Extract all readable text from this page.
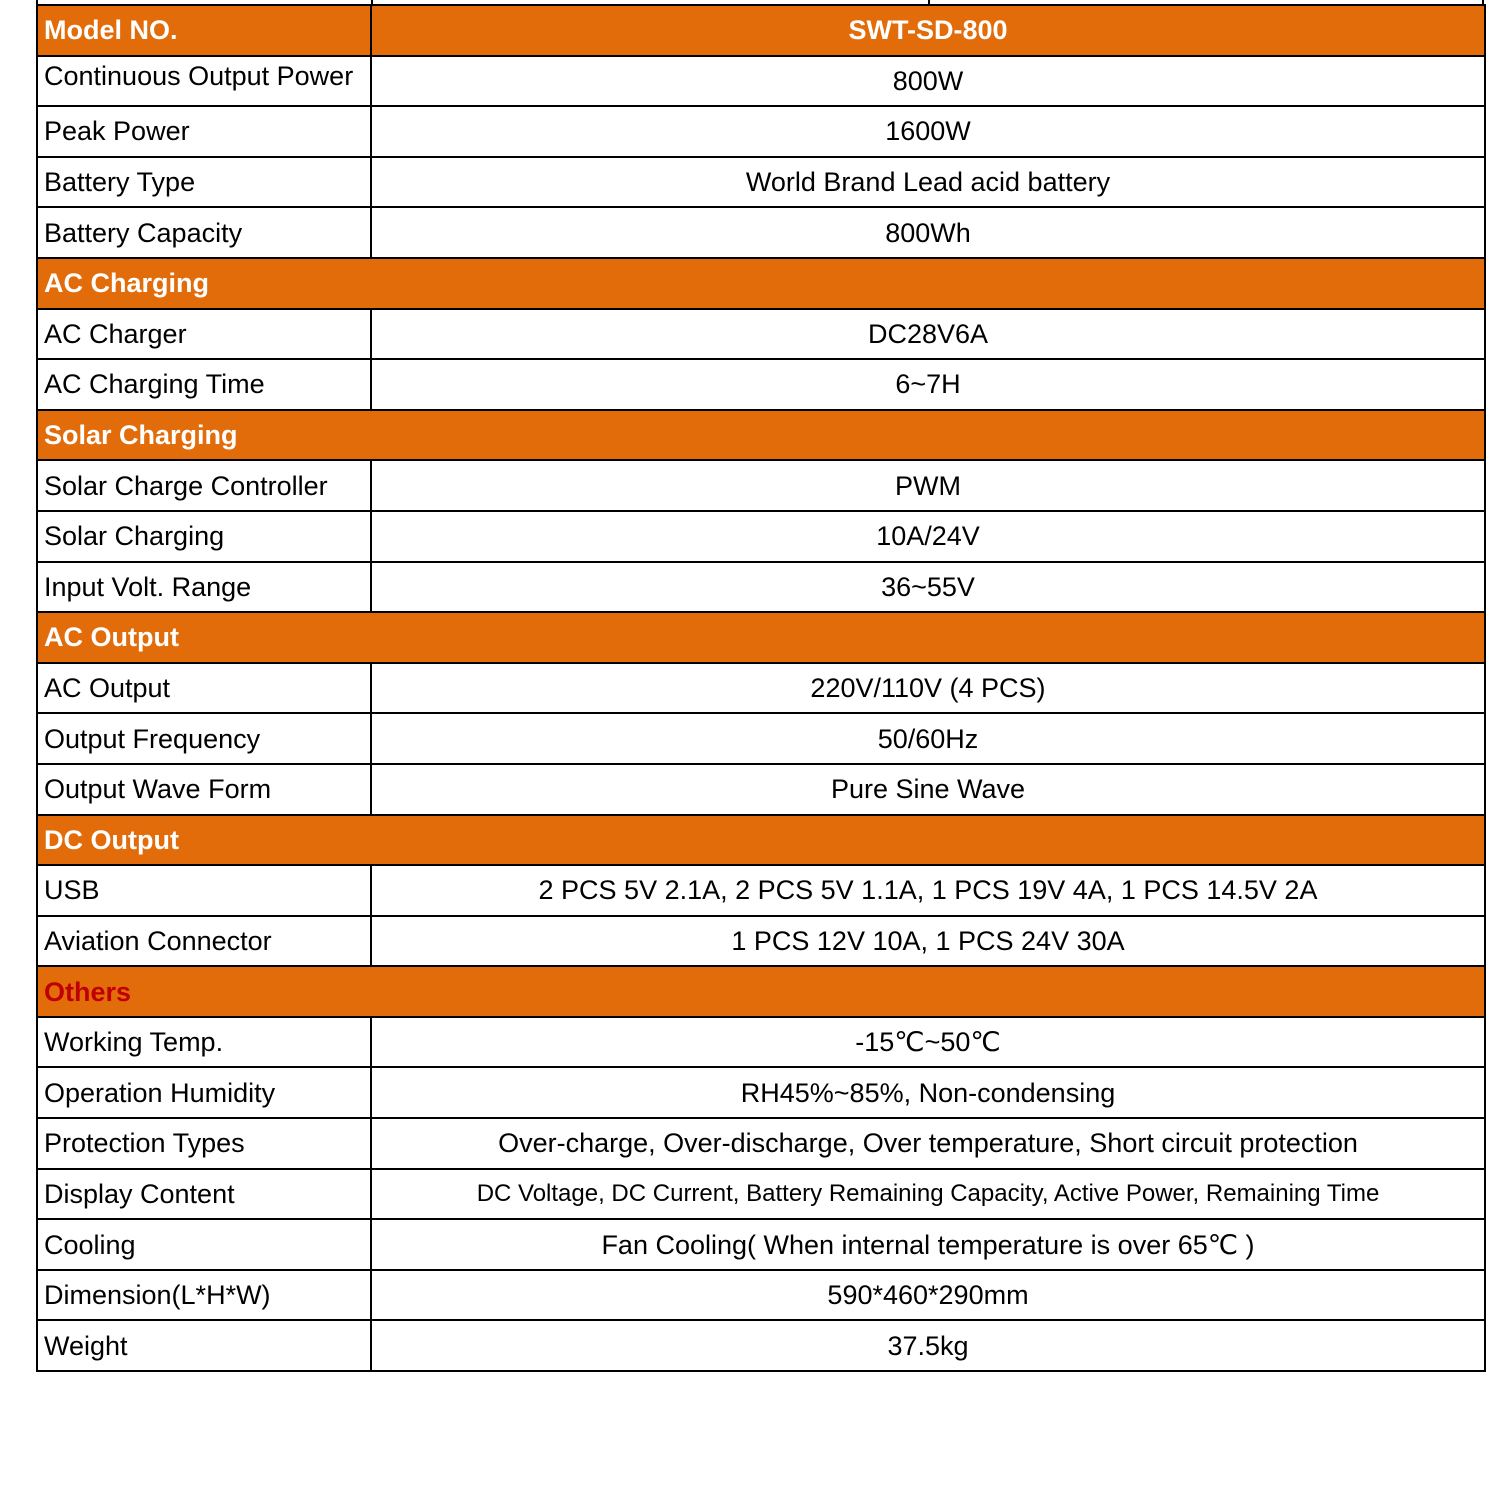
Model NO.	SWT-SD-800

Continuous Output Power	800W
Peak Power	1600W
Battery Type	World Brand Lead acid battery
Battery Capacity	800Wh
AC Charging	
AC Charger	DC28V6A
AC Charging Time	6~7H
Solar Charging	
Solar Charge Controller	PWM
Solar Charging	10A/24V
Input Volt. Range	36~55V
AC Output	
AC Output	220V/110V (4 PCS)
Output Frequency	50/60Hz
Output Wave Form	Pure Sine Wave
DC Output	
USB	2 PCS 5V 2.1A, 2 PCS 5V 1.1A, 1 PCS 19V 4A, 1 PCS 14.5V 2A
Aviation Connector	1 PCS 12V 10A, 1 PCS 24V 30A
Others	
Working Temp.	-15℃~50℃
Operation Humidity	RH45%~85%, Non-condensing
Protection Types	Over-charge, Over-discharge, Over temperature, Short circuit protection
Display Content	DC Voltage, DC Current, Battery Remaining Capacity, Active Power, Remaining Time
Cooling	Fan Cooling( When internal temperature is over 65℃ )
Dimension(L*H*W)	590*460*290mm
Weight	37.5kg
